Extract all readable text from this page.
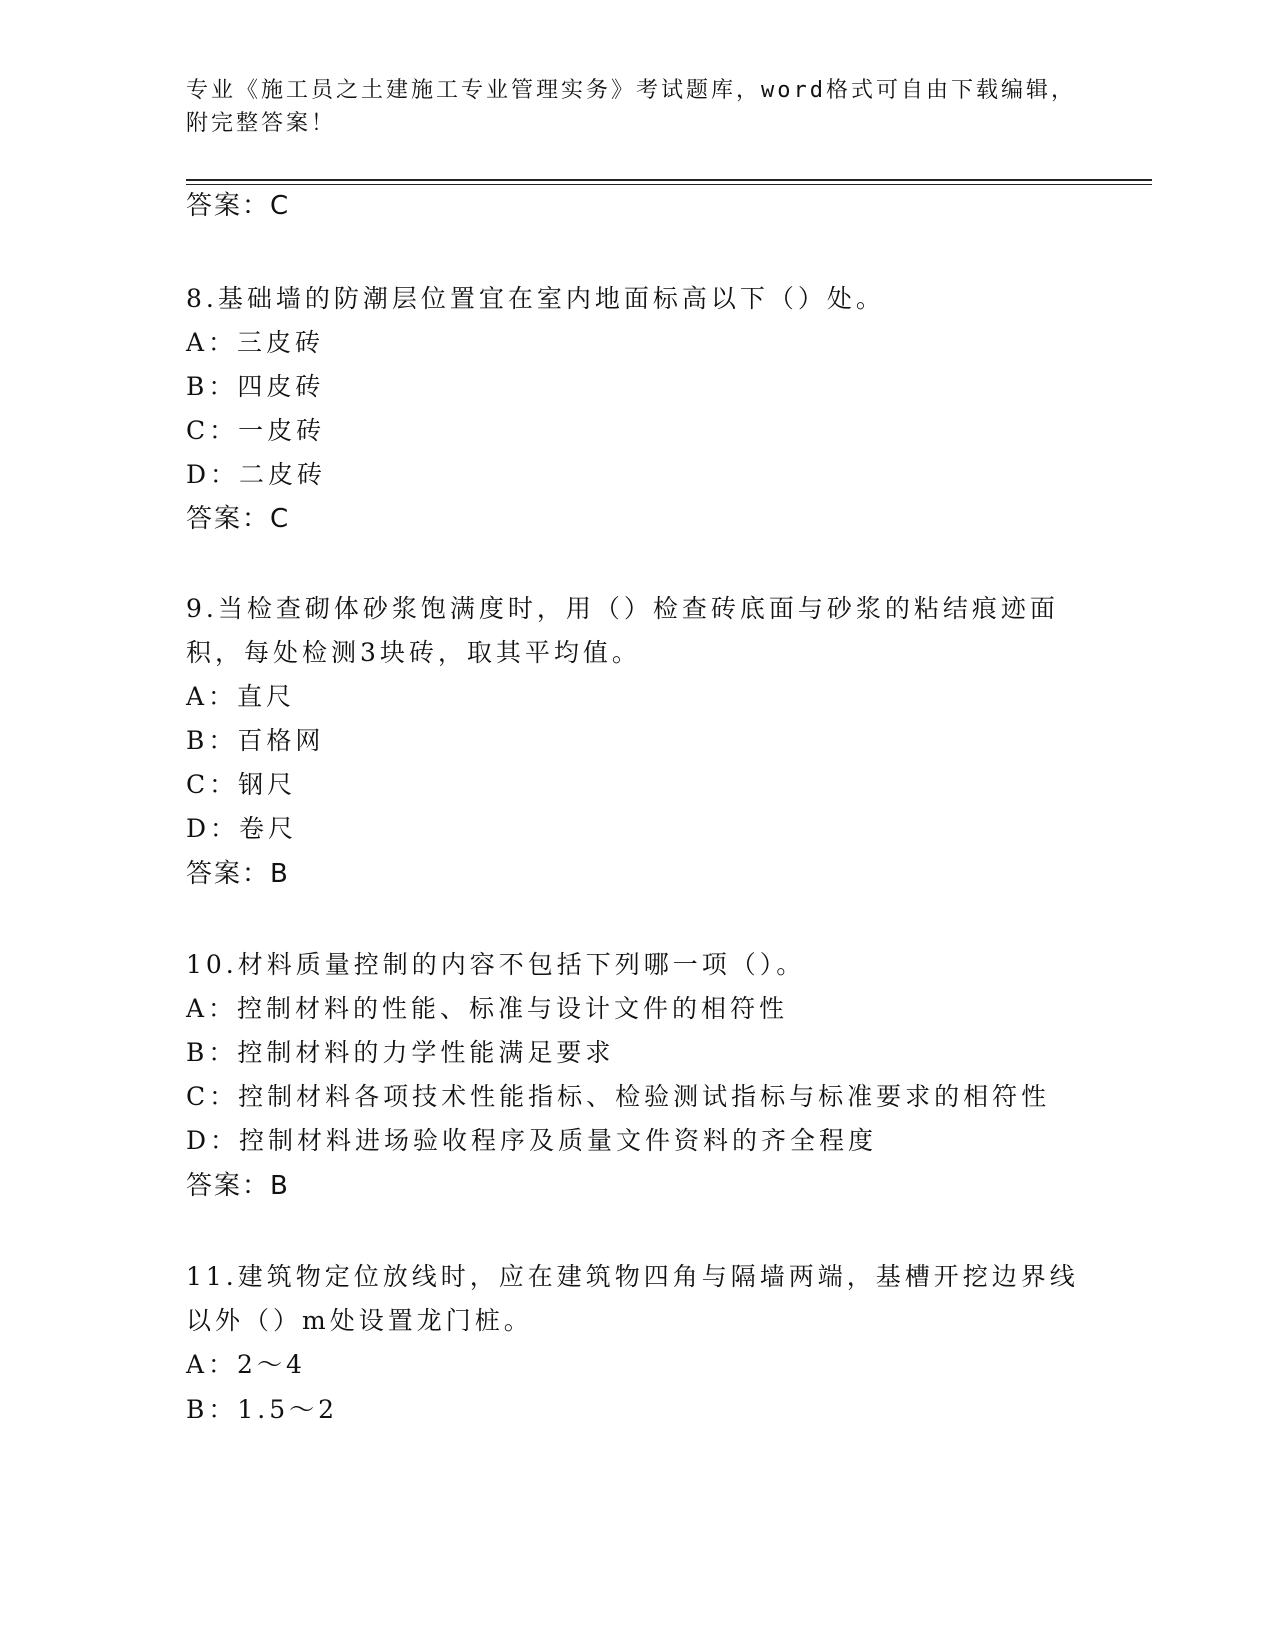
专业《施工员之土建施工专业管理实务》考试题库，word格式可自由下载编辑，
附完整答案！
答案：C
8.基础墙的防潮层位置宜在室内地面标高以下（）处。
A：三皮砖
B：四皮砖
C：一皮砖
D：二皮砖
答案：C
9.当检查砌体砂浆饱满度时，用（）检查砖底面与砂浆的粘结痕迹面
积，每处检测3块砖，取其平均值。
A：直尺
B：百格网
C：钢尺
D：卷尺
答案：B
10.材料质量控制的内容不包括下列哪一项（）。
A：控制材料的性能、标准与设计文件的相符性
B：控制材料的力学性能满足要求
C：控制材料各项技术性能指标、检验测试指标与标准要求的相符性
D：控制材料进场验收程序及质量文件资料的齐全程度
答案：B
11.建筑物定位放线时，应在建筑物四角与隔墙两端，基槽开挖边界线
以外（）m处设置龙门桩。
A：2～4
B：1.5～2
